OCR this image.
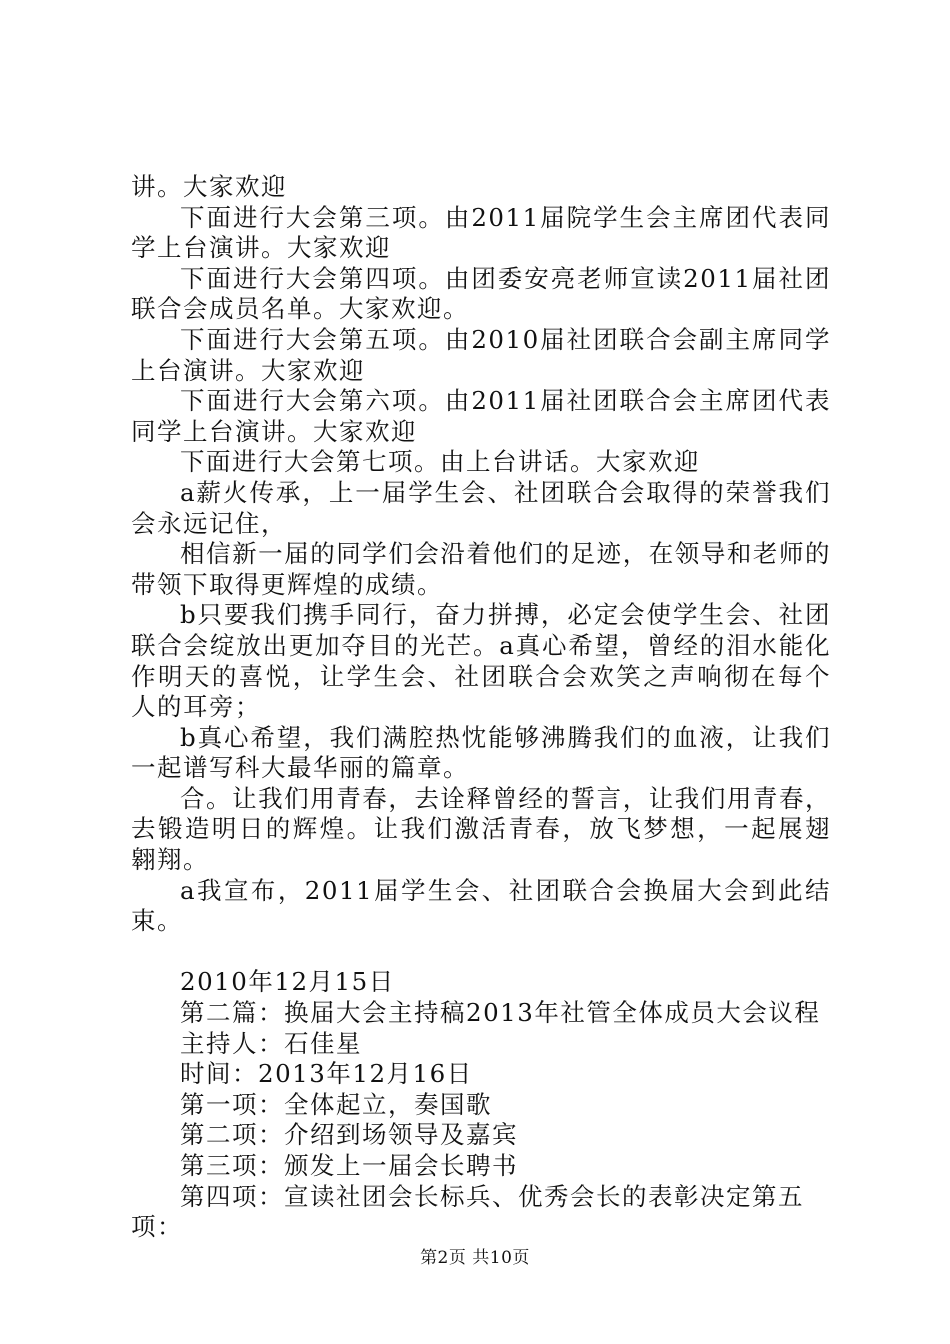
讲。大家欢迎

下面进行大会第三项。由2011届院学生会主席团代表同学上台演讲。大家欢迎

下面进行大会第四项。由团委安亮老师宣读2011届社团联合会成员名单。大家欢迎。

下面进行大会第五项。由2010届社团联合会副主席同学上台演讲。大家欢迎

下面进行大会第六项。由2011届社团联合会主席团代表同学上台演讲。大家欢迎

下面进行大会第七项。由上台讲话。大家欢迎

a薪火传承，上一届学生会、社团联合会取得的荣誉我们会永远记住，

相信新一届的同学们会沿着他们的足迹，在领导和老师的带领下取得更辉煌的成绩。

b只要我们携手同行，奋力拼搏，必定会使学生会、社团联合会绽放出更加夺目的光芒。a真心希望，曾经的泪水能化作明天的喜悦，让学生会、社团联合会欢笑之声响彻在每个人的耳旁；

b真心希望，我们满腔热忱能够沸腾我们的血液，让我们一起谱写科大最华丽的篇章。

合。让我们用青春，去诠释曾经的誓言，让我们用青春，去锻造明日的辉煌。让我们激活青春，放飞梦想，一起展翅翱翔。

a我宣布，2011届学生会、社团联合会换届大会到此结束。

2010年12月15日

第二篇：换届大会主持稿2013年社管全体成员大会议程

主持人：石佳星

时间：2013年12月16日

第一项：全体起立，奏国歌

第二项：介绍到场领导及嘉宾

第三项：颁发上一届会长聘书

第四项：宣读社团会长标兵、优秀会长的表彰决定第五项：

第2页 共10页
